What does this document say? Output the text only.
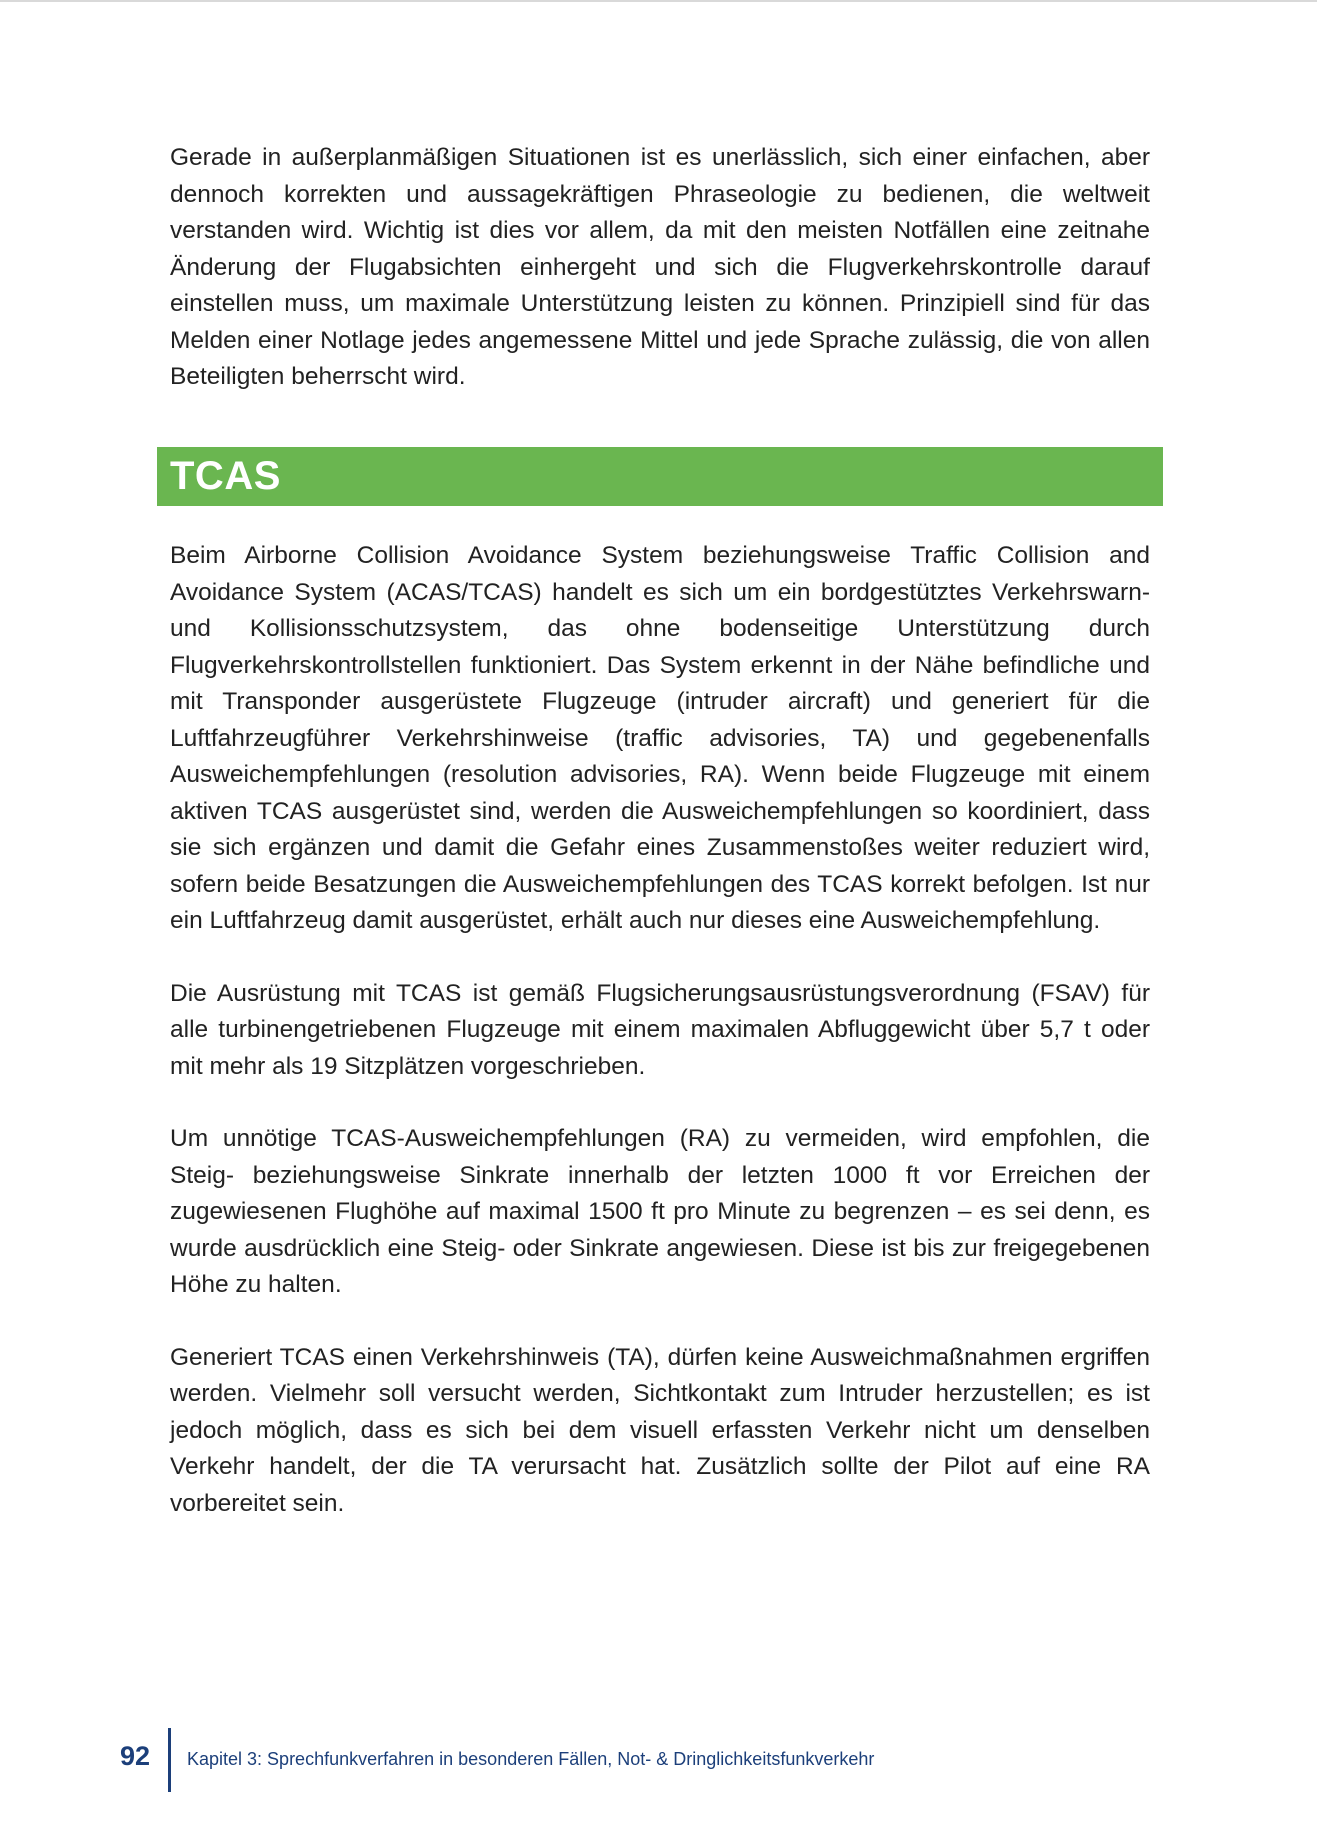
Gerade in außerplanmäßigen Situationen ist es unerlässlich, sich einer einfachen, aber dennoch korrekten und aussagekräftigen Phraseologie zu bedienen, die weltweit verstanden wird. Wichtig ist dies vor allem, da mit den meisten Notfällen eine zeitnahe Änderung der Flugabsichten einhergeht und sich die Flugverkehrskontrolle darauf einstellen muss, um maximale Unterstützung leisten zu können. Prinzipiell sind für das Melden einer Notlage jedes angemessene Mittel und jede Sprache zulässig, die von allen Beteiligten beherrscht wird.

TCAS

Beim Airborne Collision Avoidance System beziehungsweise Traffic Collision and Avoidance System (ACAS/TCAS) handelt es sich um ein bordgestütztes Verkehrswarn- und Kollisionsschutzsystem, das ohne bodenseitige Unterstützung durch Flugverkehrskontrollstellen funktioniert. Das System erkennt in der Nähe befindliche und mit Transponder ausgerüstete Flugzeuge (intruder aircraft) und generiert für die Luftfahrzeugführer Verkehrshinweise (traffic advisories, TA) und gegebenenfalls Ausweichempfehlungen (resolution advisories, RA). Wenn beide Flugzeuge mit einem aktiven TCAS ausgerüstet sind, werden die Ausweichempfehlungen so koordiniert, dass sie sich ergänzen und damit die Gefahr eines Zusammenstoßes weiter reduziert wird, sofern beide Besatzungen die Ausweichempfehlungen des TCAS korrekt befolgen. Ist nur ein Luftfahrzeug damit ausgerüstet, erhält auch nur dieses eine Ausweichempfehlung.

Die Ausrüstung mit TCAS ist gemäß Flugsicherungsausrüstungsverordnung (FSAV) für alle turbinengetriebenen Flugzeuge mit einem maximalen Abfluggewicht über 5,7 t oder mit mehr als 19 Sitzplätzen vorgeschrieben.

Um unnötige TCAS-Ausweichempfehlungen (RA) zu vermeiden, wird empfohlen, die Steig- beziehungsweise Sinkrate innerhalb der letzten 1000 ft vor Erreichen der zugewiesenen Flughöhe auf maximal 1500 ft pro Minute zu begrenzen – es sei denn, es wurde ausdrücklich eine Steig- oder Sinkrate angewiesen. Diese ist bis zur freigegebenen Höhe zu halten.

Generiert TCAS einen Verkehrshinweis (TA), dürfen keine Ausweichmaßnahmen ergriffen werden. Vielmehr soll versucht werden, Sichtkontakt zum Intruder herzustellen; es ist jedoch möglich, dass es sich bei dem visuell erfassten Verkehr nicht um denselben Verkehr handelt, der die TA verursacht hat. Zusätzlich sollte der Pilot auf eine RA vorbereitet sein.

92 Kapitel 3: Sprechfunkverfahren in besonderen Fällen, Not- & Dringlichkeitsfunkverkehr
